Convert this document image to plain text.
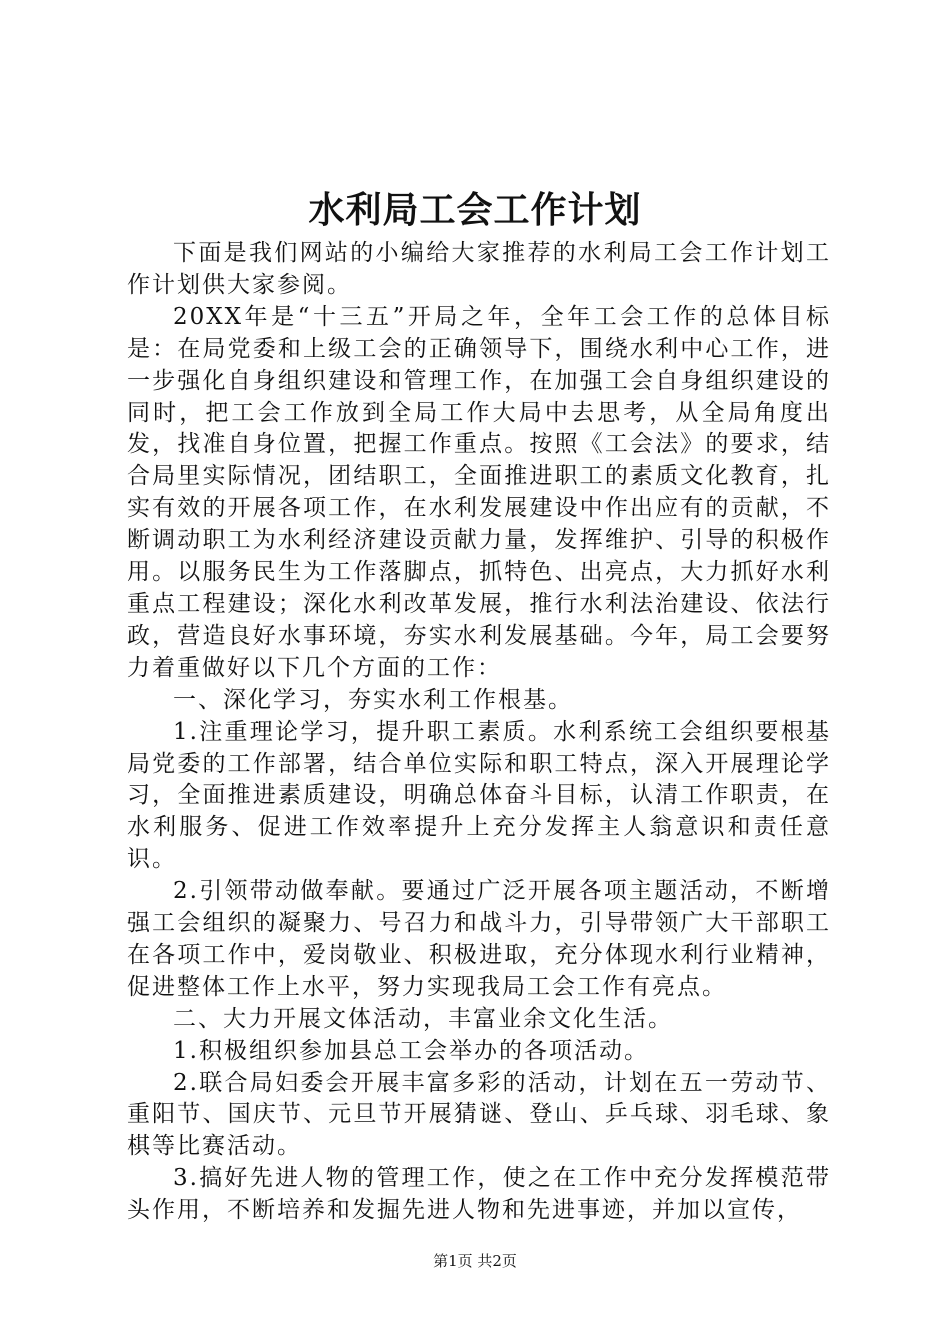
水利局工会工作计划

下面是我们网站的小编给大家推荐的水利局工会工作计划工作计划供大家参阅。

20XX年是“十三五”开局之年，全年工会工作的总体目标是：在局党委和上级工会的正确领导下，围绕水利中心工作，进一步强化自身组织建设和管理工作，在加强工会自身组织建设的同时，把工会工作放到全局工作大局中去思考，从全局角度出发，找准自身位置，把握工作重点。按照《工会法》的要求，结合局里实际情况，团结职工，全面推进职工的素质文化教育，扎实有效的开展各项工作，在水利发展建设中作出应有的贡献，不断调动职工为水利经济建设贡献力量，发挥维护、引导的积极作用。以服务民生为工作落脚点，抓特色、出亮点，大力抓好水利重点工程建设；深化水利改革发展，推行水利法治建设、依法行政，营造良好水事环境，夯实水利发展基础。今年，局工会要努力着重做好以下几个方面的工作：

一、深化学习，夯实水利工作根基。

1.注重理论学习，提升职工素质。水利系统工会组织要根基局党委的工作部署，结合单位实际和职工特点，深入开展理论学习，全面推进素质建设，明确总体奋斗目标，认清工作职责，在水利服务、促进工作效率提升上充分发挥主人翁意识和责任意识。

2.引领带动做奉献。要通过广泛开展各项主题活动，不断增强工会组织的凝聚力、号召力和战斗力，引导带领广大干部职工在各项工作中，爱岗敬业、积极进取，充分体现水利行业精神，促进整体工作上水平，努力实现我局工会工作有亮点。

二、大力开展文体活动，丰富业余文化生活。

1.积极组织参加县总工会举办的各项活动。

2.联合局妇委会开展丰富多彩的活动，计划在五一劳动节、重阳节、国庆节、元旦节开展猜谜、登山、乒乓球、羽毛球、象棋等比赛活动。

3.搞好先进人物的管理工作，使之在工作中充分发挥模范带头作用，不断培养和发掘先进人物和先进事迹，并加以宣传，

第1页 共2页
